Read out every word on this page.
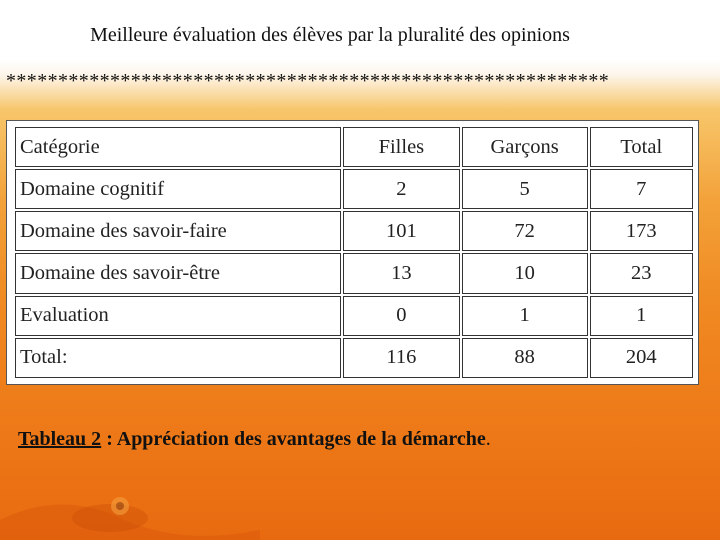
Meilleure évaluation des élèves par la pluralité des opinions
**********************************************************
Catégorie	Filles	Garçons	Total
Domaine cognitif	2	5	7
Domaine des savoir-faire	101	72	173
Domaine des savoir-être	13	10	23
Evaluation	0	1	1
Total:	116	88	204
Tableau 2 : Appréciation des avantages de la démarche.
